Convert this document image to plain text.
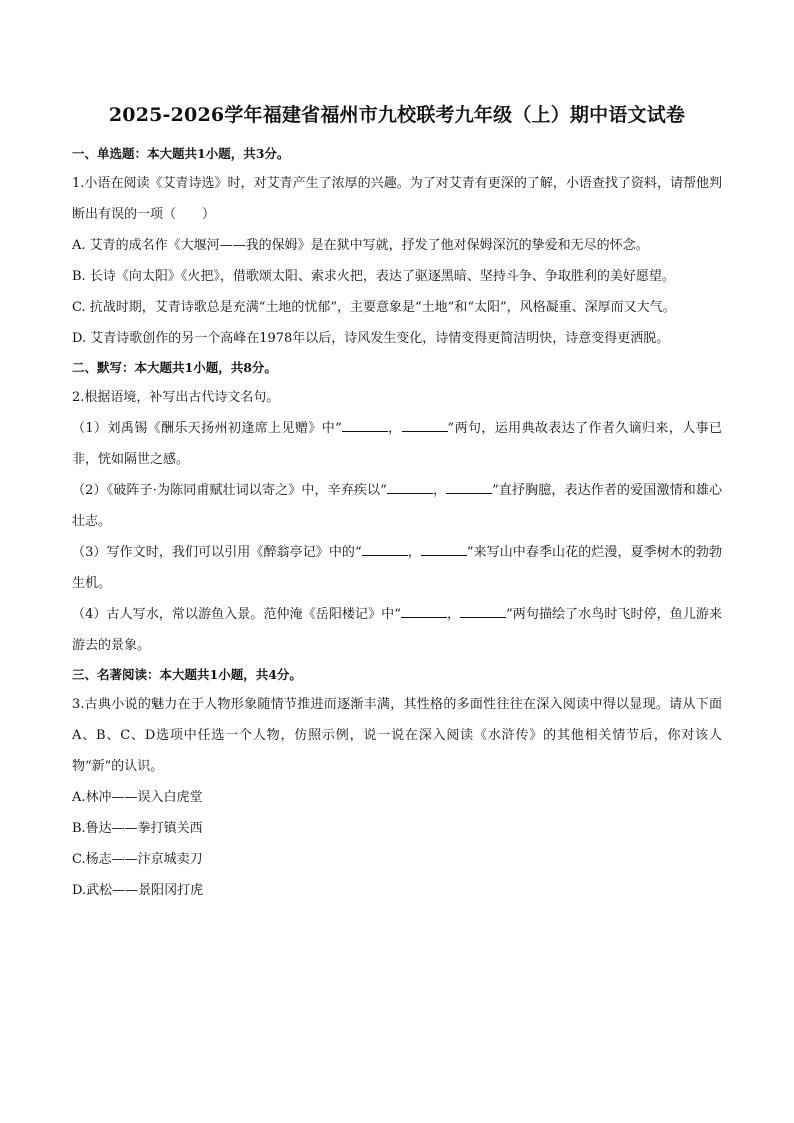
2025-2026学年福建省福州市九校联考九年级（上）期中语文试卷
一、单选题：本大题共1小题，共3分。

1.小语在阅读《艾青诗选》时，对艾青产生了浓厚的兴趣。为了对艾青有更深的了解，小语查找了资料，请帮他判断出有误的一项（　　）

A. 艾青的成名作《大堰河——我的保姆》是在狱中写就，抒发了他对保姆深沉的挚爱和无尽的怀念。

B. 长诗《向太阳》《火把》，借歌颂太阳、索求火把，表达了驱逐黑暗、坚持斗争、争取胜利的美好愿望。

C. 抗战时期，艾青诗歌总是充满“土地的忧郁”，主要意象是“土地”和“太阳”，风格凝重、深厚而又大气。

D. 艾青诗歌创作的另一个高峰在1978年以后，诗风发生变化，诗情变得更简洁明快，诗意变得更洒脱。

二、默写：本大题共1小题，共8分。

2.根据语境，补写出古代诗文名句。

（1）刘禹锡《酬乐天扬州初逢席上见赠》中”	，	”两句，运用典故表达了作者久谪归来，人事已非，恍如隔世之感。

（2）《破阵子·为陈同甫赋壮词以寄之》中，辛弃疾以“	，	”直抒胸臆，表达作者的爱国激情和雄心壮志。

（3）写作文时，我们可以引用《醉翁亭记》中的“	，	”来写山中春季山花的烂漫，夏季树木的勃勃生机。

（4）古人写水，常以游鱼入景。范仲淹《岳阳楼记》中“	，	”两句描绘了水鸟时飞时停，鱼儿游来游去的景象。

三、名著阅读：本大题共1小题，共4分。

3.古典小说的魅力在于人物形象随情节推进而逐渐丰满，其性格的多面性往往在深入阅读中得以显现。请从下面A、B、C、D选项中任选一个人物，仿照示例，说一说在深入阅读《水浒传》的其他相关情节后，你对该人物“新”的认识。

A.林冲——误入白虎堂

B.鲁达——拳打镇关西

C.杨志——汴京城卖刀

D.武松——景阳冈打虎
